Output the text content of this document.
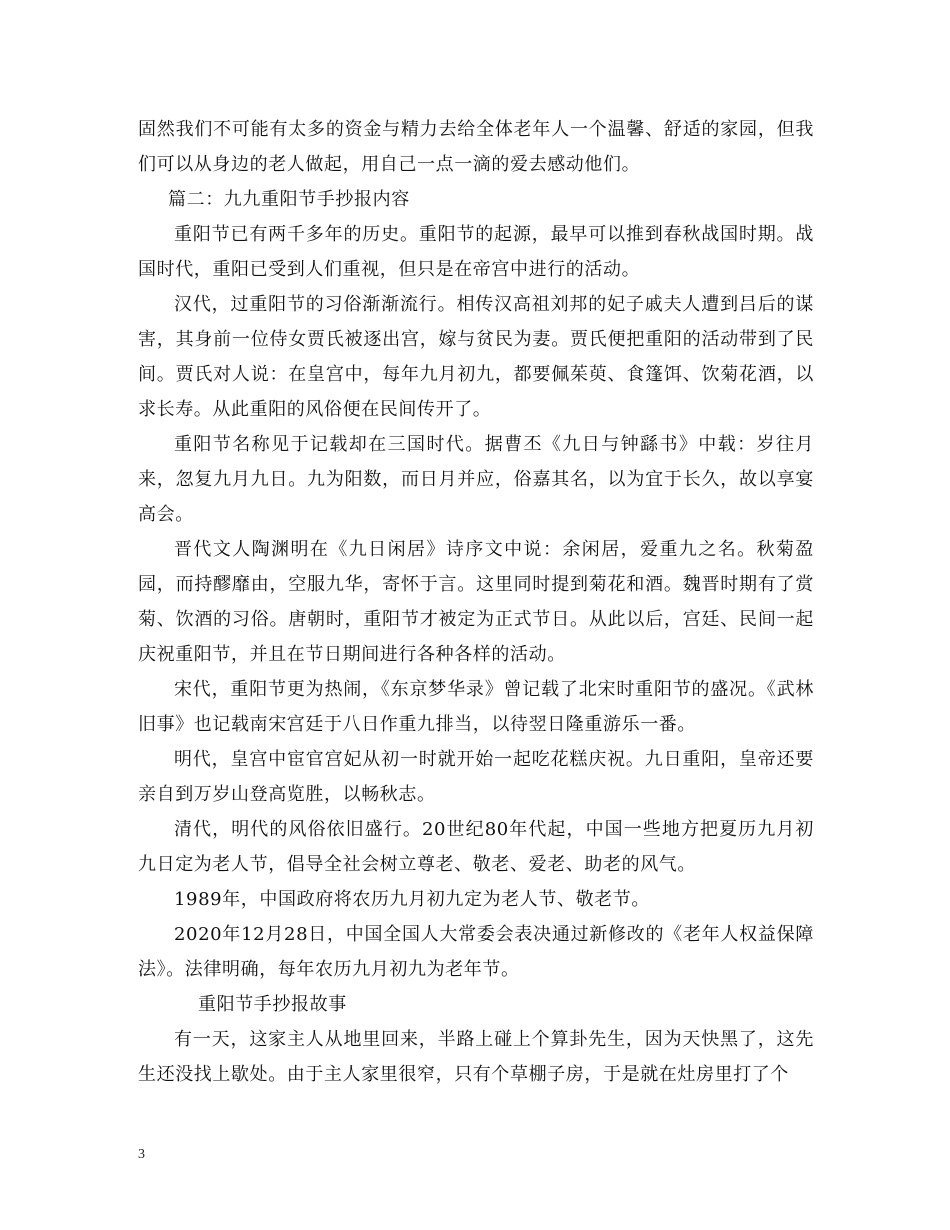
固然我们不可能有太多的资金与精力去给全体老年人一个温馨、舒适的家园，但我们可以从身边的老人做起，用自己一点一滴的爱去感动他们。

篇二：九九重阳节手抄报内容

重阳节已有两千多年的历史。重阳节的起源，最早可以推到春秋战国时期。战国时代，重阳已受到人们重视，但只是在帝宫中进行的活动。

汉代，过重阳节的习俗渐渐流行。相传汉高祖刘邦的妃子戚夫人遭到吕后的谋害，其身前一位侍女贾氏被逐出宫，嫁与贫民为妻。贾氏便把重阳的活动带到了民间。贾氏对人说：在皇宫中，每年九月初九，都要佩茱萸、食篷饵、饮菊花酒，以求长寿。从此重阳的风俗便在民间传开了。

重阳节名称见于记载却在三国时代。据曹丕《九日与钟繇书》中载：岁往月来，忽复九月九日。九为阳数，而日月并应，俗嘉其名，以为宜于长久，故以享宴高会。

晋代文人陶渊明在《九日闲居》诗序文中说：余闲居，爱重九之名。秋菊盈园，而持醪靡由，空服九华，寄怀于言。这里同时提到菊花和酒。魏晋时期有了赏菊、饮酒的习俗。唐朝时，重阳节才被定为正式节日。从此以后，宫廷、民间一起庆祝重阳节，并且在节日期间进行各种各样的活动。

宋代，重阳节更为热闹，《东京梦华录》曾记载了北宋时重阳节的盛况。《武林旧事》也记载南宋宫廷于八日作重九排当，以待翌日隆重游乐一番。

明代，皇宫中宦官宫妃从初一时就开始一起吃花糕庆祝。九日重阳，皇帝还要亲自到万岁山登高览胜，以畅秋志。

清代，明代的风俗依旧盛行。20世纪80年代起，中国一些地方把夏历九月初九日定为老人节，倡导全社会树立尊老、敬老、爱老、助老的风气。

1989年，中国政府将农历九月初九定为老人节、敬老节。

2020年12月28日，中国全国人大常委会表决通过新修改的《老年人权益保障法》。法律明确，每年农历九月初九为老年节。

重阳节手抄报故事

有一天，这家主人从地里回来，半路上碰上个算卦先生，因为天快黑了，这先生还没找上歇处。由于主人家里很窄，只有个草棚子房，于是就在灶房里打了个

3
